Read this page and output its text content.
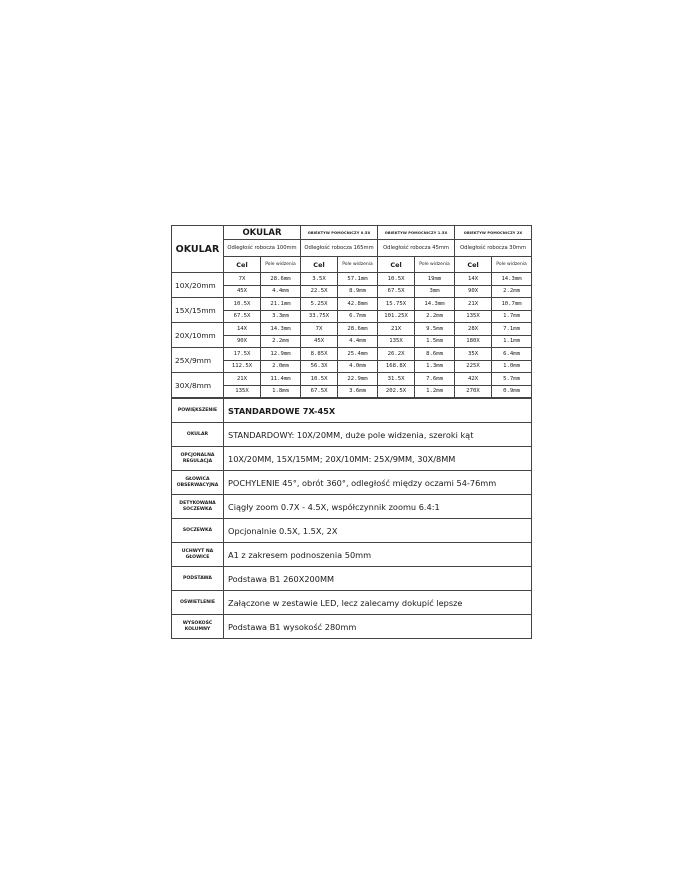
OKULAR	OKULAR		OBIEKTYW POMOCNICZY 0.5X		OBIEKTYW POMOCNICZY 1.5X		OBIEKTYW POMOCNICZY 2X	
	Odległość robocza 100mm		Odległość robocza 165mm		Odległość robocza 45mm		Odległość robocza 30mm	
	Cel	Pole widzenia	Cel	Pole widzenia	Cel	Pole widzenia	Cel	Pole widzenia
10X/20mm	7X	28.6mm	3.5X	57.1mm	10.5X	19mm	14X	14.3mm
	45X	4.4mm	22.5X	8.9mm	67.5X	3mm	90X	2.2mm
15X/15mm	10.5X	21.1mm	5.25X	42.8mm	15.75X	14.3mm	21X	10.7mm
	67.5X	3.3mm	33.75X	6.7mm	101.25X	2.2mm	135X	1.7mm
20X/10mm	14X	14.3mm	7X	28.6mm	21X	9.5mm	28X	7.1mm
	90X	2.2mm	45X	4.4mm	135X	1.5mm	180X	1.1mm
25X/9mm	17.5X	12.9mm	8.85X	25.4mm	26.2X	8.6mm	35X	6.4mm
	112.5X	2.0mm	56.3X	4.0mm	168.8X	1.3mm	225X	1.0mm
30X/8mm	21X	11.4mm	10.5X	22.9mm	31.5X	7.6mm	42X	5.7mm
	135X	1.8mm	67.5X	3.6mm	202.5X	1.2mm	270X	0.9mm
POWIĘKSZENIE	STANDARDOWE 7X-45X
OKULAR	STANDARDOWY: 10X/20MM, duże pole widzenia, szeroki kąt
OPCJONALNA REGULACJA	10X/20MM, 15X/15MM; 20X/10MM: 25X/9MM, 30X/8MM
GŁOWICA OBSERWACYJNA	POCHYLENIE 45°, obrót 360°, odległość między oczami 54-76mm
DETYKOWANA SOCZEWKA	Ciągły zoom 0.7X - 4.5X, współczynnik zoomu 6.4:1
SOCZEWKA	Opcjonalnie 0.5X, 1.5X, 2X
UCHWYT NA GŁOWICE	A1 z zakresem podnoszenia 50mm
PODSTAWA	Podstawa B1 260X200MM
OŚWIETLENIE	Załączone w zestawie LED, lecz zalecamy dokupić lepsze
WYSOKOŚĆ KOLUMNY	Podstawa B1 wysokość 280mm
